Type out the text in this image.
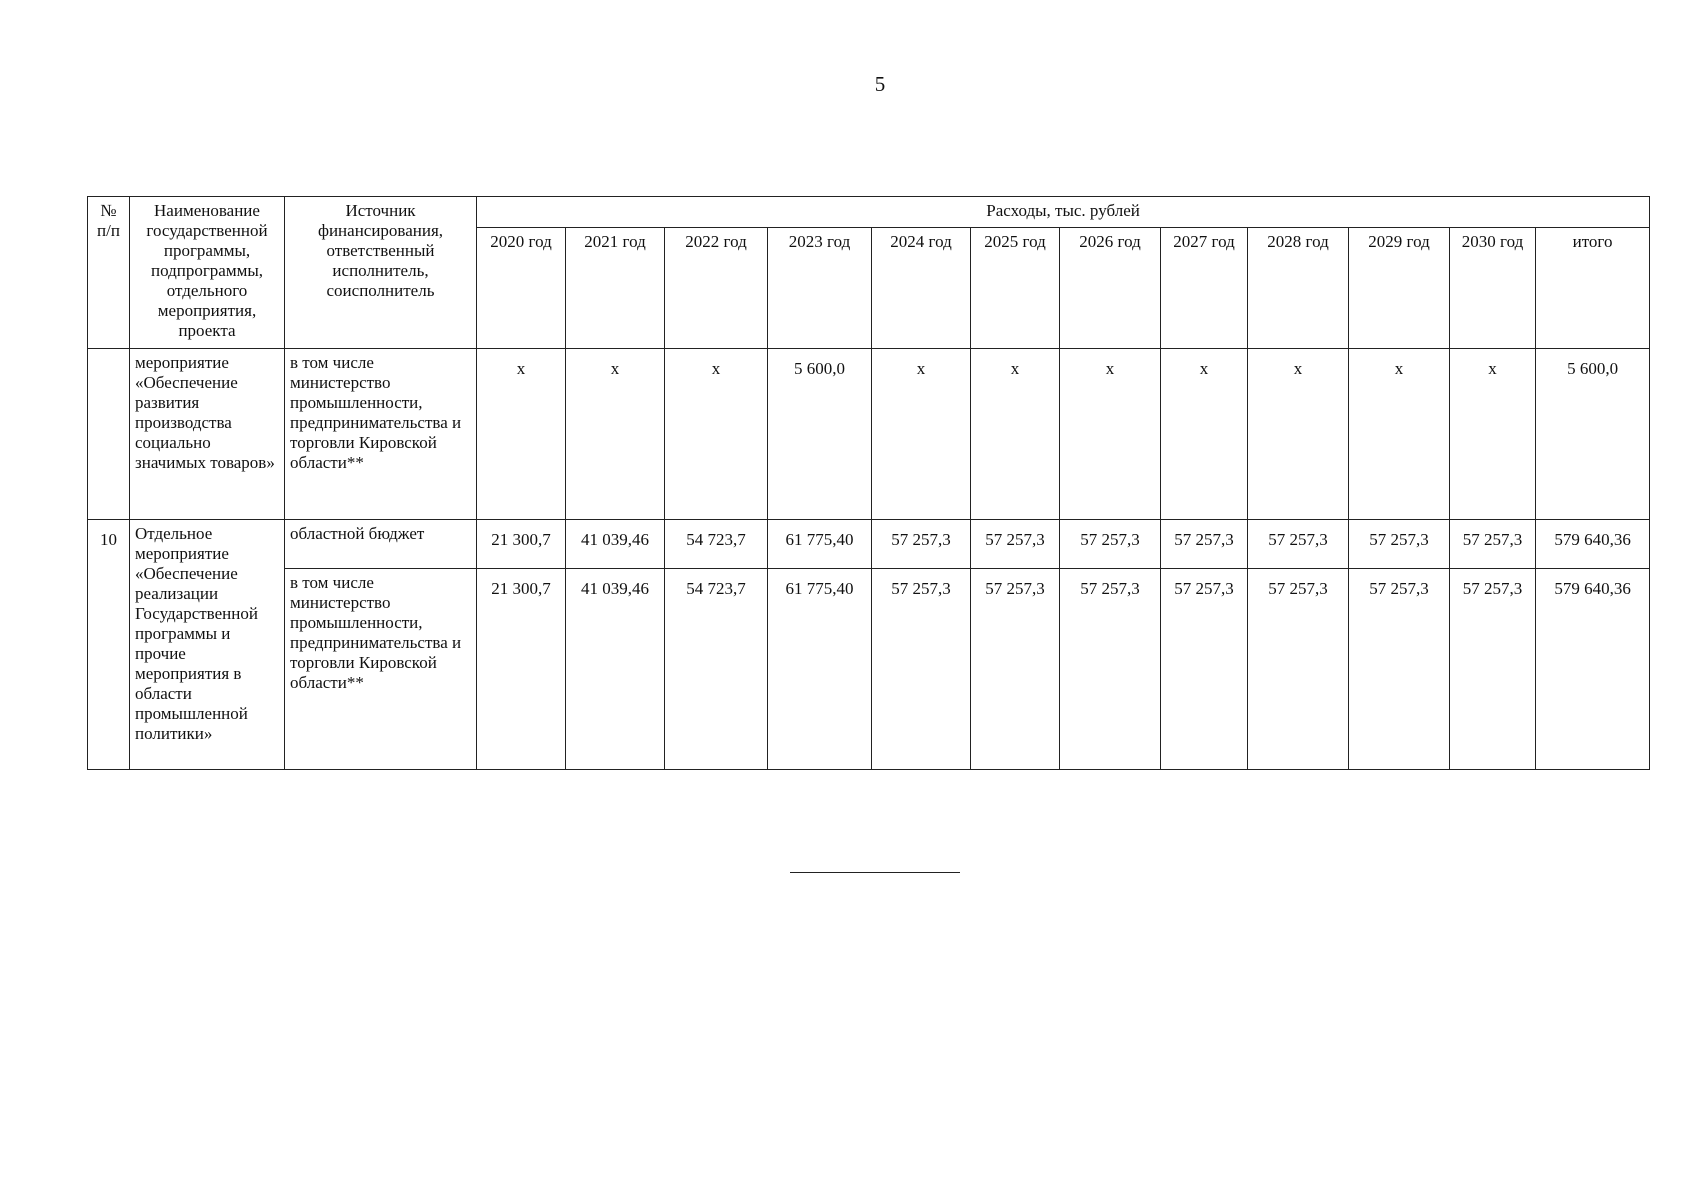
5
№ п/п	Наименование государственной программы, подпрограммы, отдельного мероприятия, проекта	Источник финансирования, ответственный исполнитель, соисполнитель	Расходы, тыс. рублей											
			2020 год	2021 год	2022 год	2023 год	2024 год	2025 год	2026 год	2027 год	2028 год	2029 год	2030 год	итого
	мероприятие «Обеспечение развития производства социально значимых товаров»	в том числе министерство промышленности, предпринимательства и торговли Кировской области**	х	х	х	5 600,0	х	х	х	х	х	х	х	5 600,0
10	Отдельное мероприятие «Обеспечение реализации Государственной программы и прочие мероприятия в области промышленной политики»	областной бюджет	21 300,7	41 039,46	54 723,7	61 775,40	57 257,3	57 257,3	57 257,3	57 257,3	57 257,3	57 257,3	57 257,3	579 640,36
		в том числе министерство промышленности, предпринимательства и торговли Кировской области**	21 300,7	41 039,46	54 723,7	61 775,40	57 257,3	57 257,3	57 257,3	57 257,3	57 257,3	57 257,3	57 257,3	579 640,36
